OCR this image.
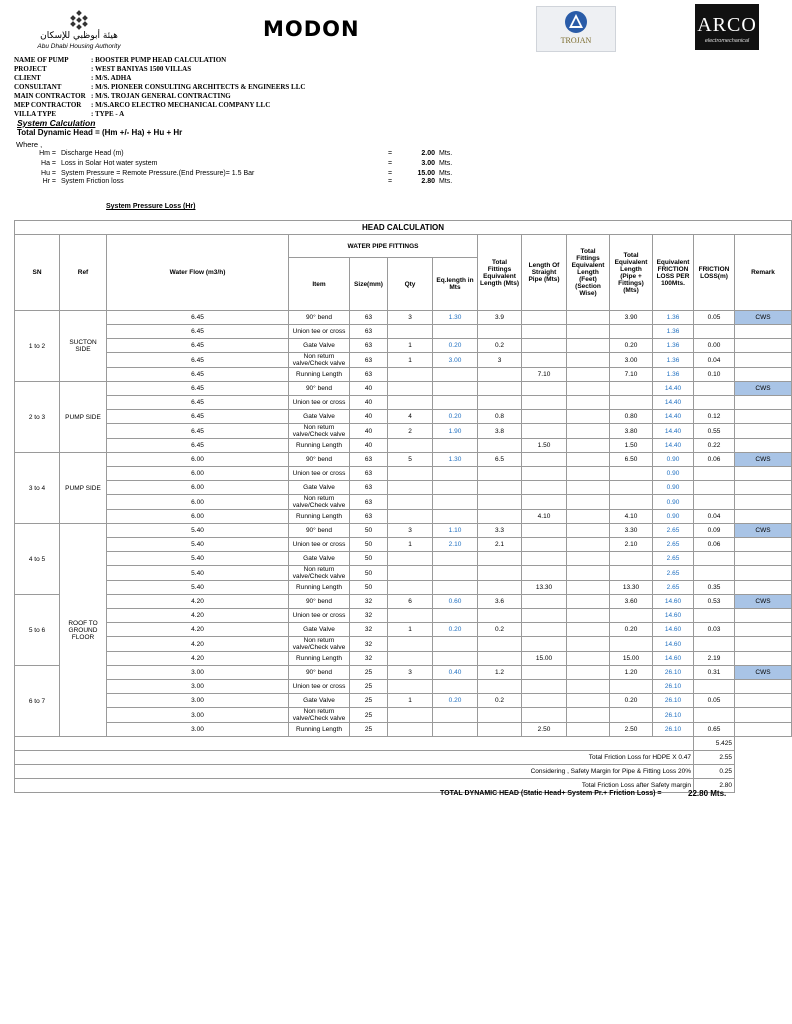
هيئة أبوظبي للإسكان
Abu Dhabi Housing Authority
MODON	TROJAN
ARCO
electromechanical
NAME OF PUMP	: BOOSTER PUMP HEAD CALCULATION
PROJECT	: WEST BANIYAS 1500 VILLAS
CLIENT	: M/S. ADHA
CONSULTANT	: M/S. PIONEER CONSULTING ARCHITECTS & ENGINEERS LLC
MAIN CONTRACTOR : M/S. TROJAN GENERAL CONTRACTING
MEP CONTRACTOR	: M/S.ARCO ELECTRO MECHANICAL COMPANY LLC
VILLA TYPE	: TYPE - A
System Calculation
Total Dynamic Head = (Hm +/- Ha) + Hu + Hr
Where ,
Hm = Discharge Head (m)	=	2.00 Mts.
Ha = Loss in Solar Hot water system	=	3.00 Mts.
Hu = System Pressure = Remote Pressure.(End Pressure)= 1.5 Bar	=	15.00 Mts.
Hr = System Friction loss	=	2.80 Mts.
System Pressure Loss (Hr)
HEAD CALCULATION													
SN	Ref	Water Flow (m3/h)	WATER PIPE FITTINGS				Total Fittings Equivalent Length (Mts)	Length Of Straight Pipe (Mts)	Total Fittings Equivalent Length (Feet) (Section Wise)	Total Equivalent Length (Pipe + Fittings) (Mts)	Equivalent FRICTION LOSS PER 100Mts.	FRICTION LOSS(m)	Remark
			Item	Size(mm)	Qty	Eq.length in Mts							
1 to 2	SUCTON SIDE	6.45	90° bend	63	3	1.30	3.9			3.90	1.36	0.05	CWS
		6.45	Union tee or cross	63							1.36		
		6.45	Gate Valve	63	1	0.20	0.2			0.20	1.36	0.00	
		6.45	Non return valve/Check valve	63	1	3.00	3			3.00	1.36	0.04	
		6.45	Running Length	63				7.10		7.10	1.36	0.10	
2 to 3	PUMP SIDE	6.45	90° bend	40							14.40		CWS
		6.45	Union tee or cross	40							14.40		
		6.45	Gate Valve	40	4	0.20	0.8			0.80	14.40	0.12	
		6.45	Non return valve/Check valve	40	2	1.90	3.8			3.80	14.40	0.55	
		6.45	Running Length	40				1.50		1.50	14.40	0.22	
3 to 4	PUMP SIDE	6.00	90° bend	63	5	1.30	6.5			6.50	0.90	0.06	CWS
		6.00	Union tee or cross	63							0.90		
		6.00	Gate Valve	63							0.90		
		6.00	Non return valve/Check valve	63							0.90		
		6.00	Running Length	63				4.10		4.10	0.90	0.04	
4 to 5	ROOF TO GROUND FLOOR	5.40	90° bend	50	3	1.10	3.3			3.30	2.65	0.09	CWS
		5.40	Union tee or cross	50	1	2.10	2.1			2.10	2.65	0.06	
		5.40	Gate Valve	50							2.65		
		5.40	Non return valve/Check valve	50							2.65		
		5.40	Running Length	50				13.30		13.30	2.65	0.35	
5 to 6		4.20	90° bend	32	6	0.60	3.6			3.60	14.60	0.53	CWS
		4.20	Union tee or cross	32							14.60		
		4.20	Gate Valve	32	1	0.20	0.2			0.20	14.60	0.03	
		4.20	Non return valve/Check valve	32							14.60		
		4.20	Running Length	32				15.00		15.00	14.60	2.19	
6 to 7		3.00	90° bend	25	3	0.40	1.2			1.20	26.10	0.31	CWS
		3.00	Union tee or cross	25							26.10		
		3.00	Gate Valve	25	1	0.20	0.2			0.20	26.10	0.05	
		3.00	Non return valve/Check valve	25							26.10		
		3.00	Running Length	25				2.50		2.50	26.10	0.65	
												5.425	
Total Friction Loss for HDPE X 0.47												2.55	
Considering , Safety Margin for Pipe & Fitting Loss 20%												0.25	
Total Friction Loss after Safety margin												2.80	
TOTAL DYNAMIC HEAD (Static Head+ System Pr.+ Friction Loss) =	22.80 Mts.
